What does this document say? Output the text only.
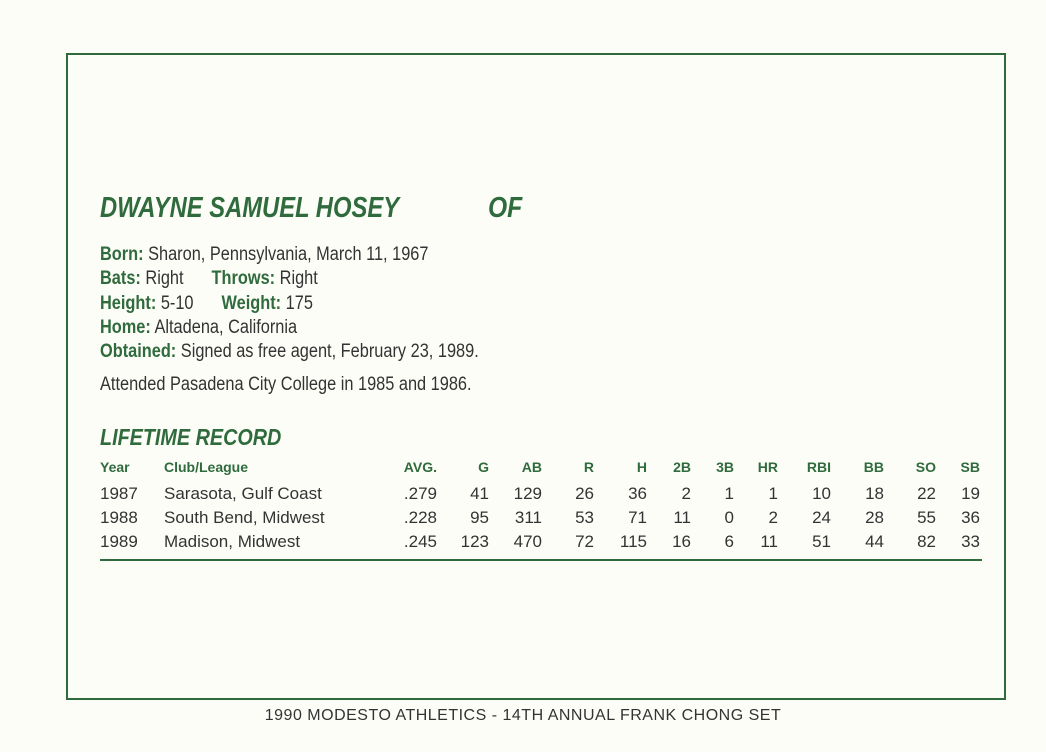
DWAYNE SAMUEL HOSEY	OF
Born: Sharon, Pennsylvania, March 11, 1967
Bats: Right Throws: Right
Height: 5-10 Weight: 175
Home: Altadena, California
Obtained: Signed as free agent, February 23, 1989.
Attended Pasadena City College in 1985 and 1986.
LIFETIME RECORD
Year Club/League	AVG.	G AB	R	H 2B 3B HR RBI BB SO SB
1987 Sarasota, Gulf Coast	.279 41 129 26 36 2 1 1 10 18 22 19
1988 South Bend, Midwest	.228 95 311 53 71 11 0 2 24 28 55 36
1989 Madison, Midwest	.245 123 470 72 115 16 6 11 51 44 82 33
1990 MODESTO ATHLETICS - 14TH ANNUAL FRANK CHONG SET
